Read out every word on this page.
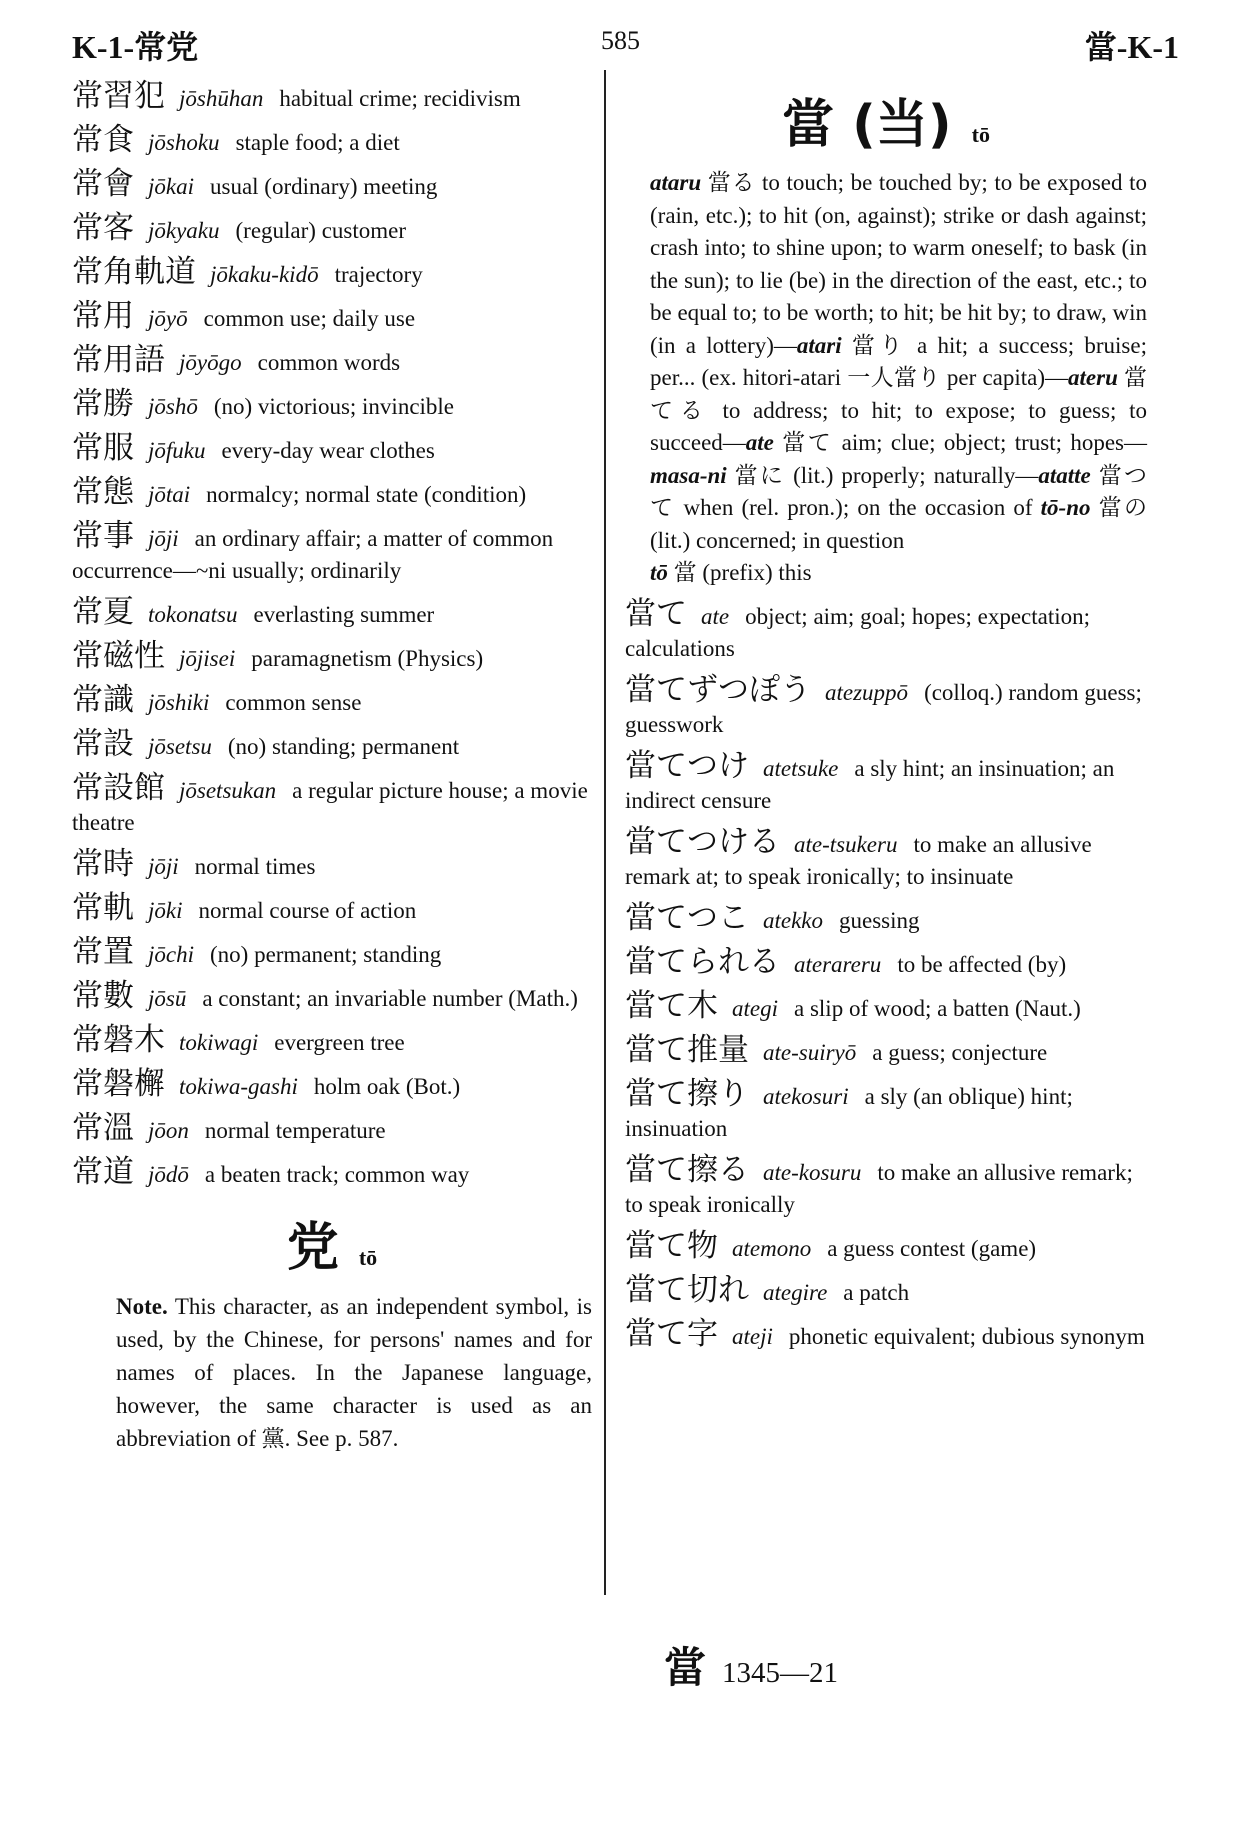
K-1-常党	585	當-K-1
常習犯 jōshūhan habitual crime; recidivism
常食 jōshoku staple food; a diet
常會 jōkai usual (ordinary) meeting
常客 jōkyaku (regular) customer
常角軌道 jōkaku-kidō trajectory
常用 jōyō common use; daily use
常用語 jōyōgo common words
常勝 jōshō (no) victorious; invincible
常服 jōfuku every-day wear clothes
常態 jōtai normalcy; normal state (condition)
常事 jōji an ordinary affair; a matter of common occurrence—~ni usually; ordinarily
常夏 tokonatsu everlasting summer
常磁性 jōjisei paramagnetism (Physics)
常識 jōshiki common sense
常設 jōsetsu (no) standing; permanent
常設館 jōsetsukan a regular picture house; a movie theatre
常時 jōji normal times
常軌 jōki normal course of action
常置 jōchi (no) permanent; standing
常數 jōsū a constant; an invariable number (Math.)
常磐木 tokiwagi evergreen tree
常磐檞 tokiwa-gashi holm oak (Bot.)
常溫 jōon normal temperature
常道 jōdō a beaten track; common way
党 tō
Note. This character, as an independent symbol, is used, by the Chinese, for persons' names and for names of places. In the Japanese language, however, the same character is used as an abbreviation of 黨. See p. 587.
當 (当) tō
ataru 當る to touch; be touched by; to be exposed to (rain, etc.); to hit (on, against); strike or dash against; crash into; to shine upon; to warm oneself; to bask (in the sun); to lie (be) in the direction of the east, etc.; to be equal to; to be worth; to hit; be hit by; to draw, win (in a lottery)—atari 當り a hit; a success; bruise; per... (ex. hitori-atari 一人當り per capita)—ateru 當てる to address; to hit; to expose; to guess; to succeed—ate 當て aim; clue; object; trust; hopes—masa-ni 當に (lit.) properly; naturally—atatte 當つて when (rel. pron.); on the occasion of tō-no 當の (lit.) concerned; in question
tō 當 (prefix) this
當て ate object; aim; goal; hopes; expectation; calculations
當てずつぽう atezuppō (colloq.) random guess; guesswork
當てつけ atetsuke a sly hint; an insinuation; an indirect censure
當てつける ate-tsukeru to make an allusive remark at; to speak ironically; to insinuate
當てつこ atekko guessing
當てられる aterareru to be affected (by)
當て木 ategi a slip of wood; a batten (Naut.)
當て推量 ate-suiryō a guess; conjecture
當て擦り atekosuri a sly (an oblique) hint; insinuation
當て擦る ate-kosuru to make an allusive remark; to speak ironically
當て物 atemono a guess contest (game)
當て切れ ategire a patch
當て字 ateji phonetic equivalent; dubious synonym
當 1345—21
